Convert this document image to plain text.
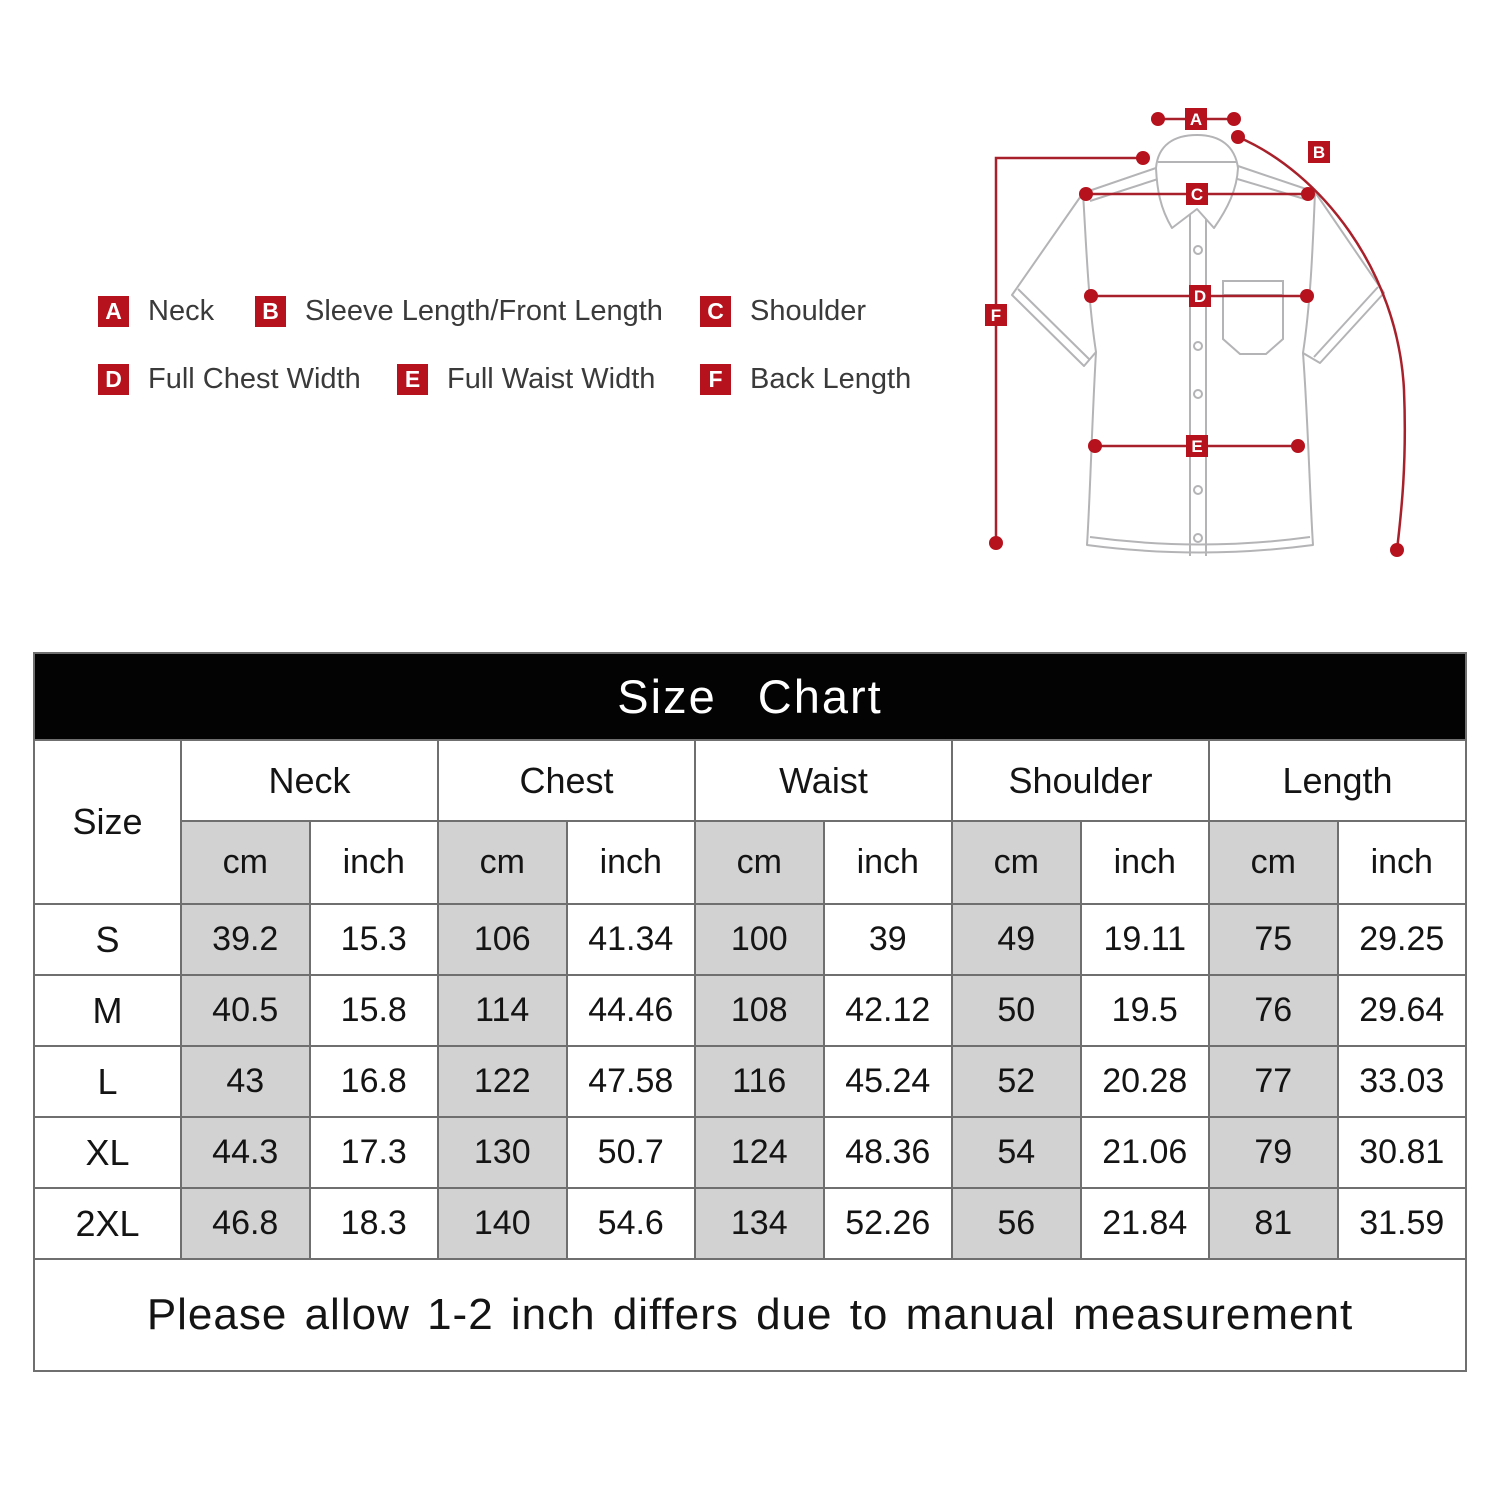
A Neck	B Sleeve Length/Front Length	C Shoulder
D Full Chest Width	E Full Waist Width	F Back Length
A
B
C
D
E
F
Size Chart										
Size	Neck		Chest		Waist		Shoulder		Length	
	cm	inch	cm	inch	cm	inch	cm	inch	cm	inch
S	39.2	15.3	106	41.34	100	39	49	19.11	75	29.25
M	40.5	15.8	114	44.46	108	42.12	50	19.5	76	29.64
L	43	16.8	122	47.58	116	45.24	52	20.28	77	33.03
XL	44.3	17.3	130	50.7	124	48.36	54	21.06	79	30.81
2XL	46.8	18.3	140	54.6	134	52.26	56	21.84	81	31.59
Please allow 1-2 inch differs due to manual measurement										
